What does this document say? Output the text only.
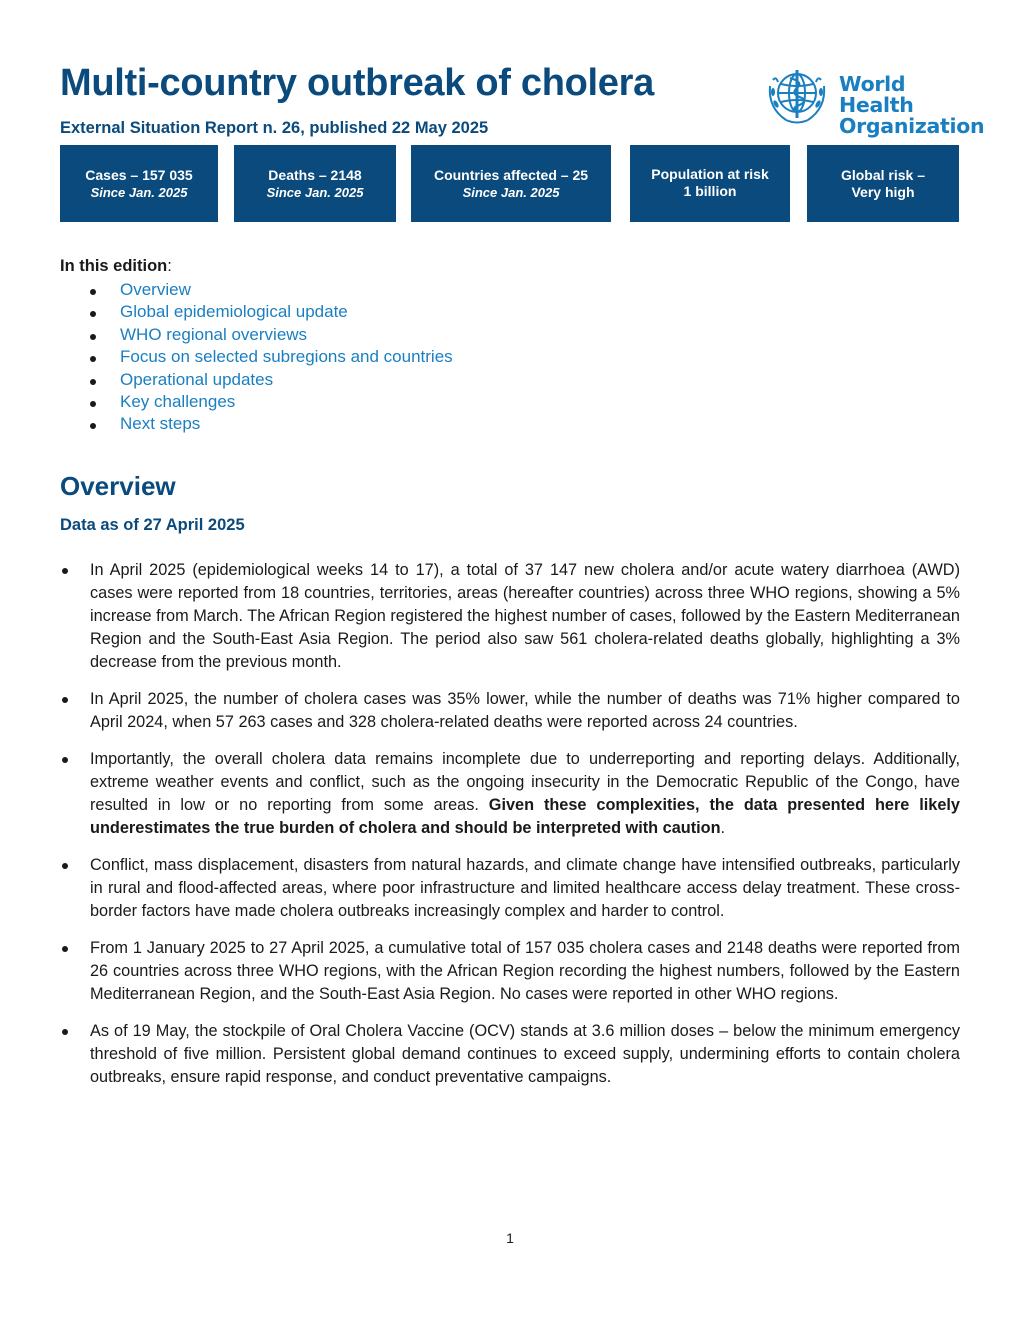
Multi-country outbreak of cholera
External Situation Report n. 26, published 22 May 2025
World Health
Organization
Cases – 157 035
Since Jan. 2025
Deaths – 2148
Since Jan. 2025
Countries affected – 25
Since Jan. 2025
Population at risk
1 billion
Global risk –
Very high
In this edition:
Overview
Global epidemiological update
WHO regional overviews
Focus on selected subregions and countries
Operational updates
Key challenges
Next steps
Overview
Data as of 27 April 2025
In April 2025 (epidemiological weeks 14 to 17), a total of 37 147 new cholera and/or acute watery diarrhoea (AWD) cases were reported from 18 countries, territories, areas (hereafter countries) across three WHO regions, showing a 5% increase from March. The African Region registered the highest number of cases, followed by the Eastern Mediterranean Region and the South-East Asia Region. The period also saw 561 cholera-related deaths globally, highlighting a 3% decrease from the previous month.
In April 2025, the number of cholera cases was 35% lower, while the number of deaths was 71% higher compared to April 2024, when 57 263 cases and 328 cholera-related deaths were reported across 24 countries.
Importantly, the overall cholera data remains incomplete due to underreporting and reporting delays. Additionally, extreme weather events and conflict, such as the ongoing insecurity in the Democratic Republic of the Congo, have resulted in low or no reporting from some areas. Given these complexities, the data presented here likely underestimates the true burden of cholera and should be interpreted with caution.
Conflict, mass displacement, disasters from natural hazards, and climate change have intensified outbreaks, particularly in rural and flood-affected areas, where poor infrastructure and limited healthcare access delay treatment. These cross-border factors have made cholera outbreaks increasingly complex and harder to control.
From 1 January 2025 to 27 April 2025, a cumulative total of 157 035 cholera cases and 2148 deaths were reported from 26 countries across three WHO regions, with the African Region recording the highest numbers, followed by the Eastern Mediterranean Region, and the South-East Asia Region. No cases were reported in other WHO regions.
As of 19 May, the stockpile of Oral Cholera Vaccine (OCV) stands at 3.6 million doses – below the minimum emergency threshold of five million. Persistent global demand continues to exceed supply, undermining efforts to contain cholera outbreaks, ensure rapid response, and conduct preventative campaigns.
1
